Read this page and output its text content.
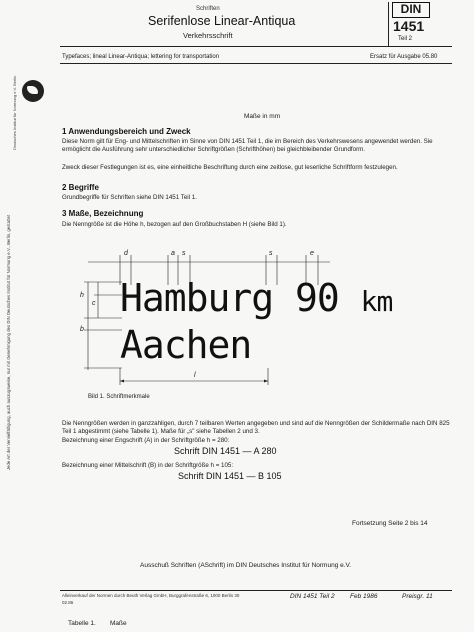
Jede Art der Vervielfältigung, auch auszugsweise, nur mit Genehmigung des DIN Deutsches Institut für Normung e.V., Berlin, gestattet
Deutsches Institut für Normung e.V. Berlin
Schriften
Serifenlose Linear-Antiqua
Verkehrsschrift
DIN
1451
Teil 2
Typefaces; lineal Linear-Antiqua; lettering for transportation	Ersatz für Ausgabe 05.80
Maße in mm
1 Anwendungsbereich und Zweck
Diese Norm gilt für Eng- und Mittelschriften im Sinne von DIN 1451 Teil 1, die im Bereich des Verkehrswesens angewendet werden. Sie ermöglicht die Ausführung sehr unterschiedlicher Schriftgrößen (Schrifthöhen) bei gleichbleibender Grundform.
Zweck dieser Festlegungen ist es, eine einheitliche Beschriftung durch eine zeitlose, gut leserliche Schriftform festzulegen.
2 Begriffe
Grundbegriffe für Schriften siehe DIN 1451 Teil 1.
3 Maße, Bezeichnung
Die Nenngröße ist die Höhe h, bezogen auf den Großbuchstaben H (siehe Bild 1).
d	a s	s	e
c
h
b
l
Hamburg 90 km
Aachen
Bild 1. Schriftmerkmale
Die Nenngrößen werden in ganzzahligen, durch 7 teilbaren Werten angegeben und sind auf die Nenngrößen der Schildermaße nach DIN 825 Teil 1 abgestimmt (siehe Tabelle 1). Maße für „s" siehe Tabellen 2 und 3.
Bezeichnung einer Engschrift (A) in der Schriftgröße h = 280:
Schrift DIN 1451 — A 280
Bezeichnung einer Mittelschrift (B) in der Schriftgröße h = 105:
Schrift DIN 1451 — B 105
Fortsetzung Seite 2 bis 14
Ausschuß Schriften (ASchrift) im DIN Deutsches Institut für Normung e.V.
Alleinverkauf der Normen durch Beuth Verlag GmbH, Burggrafenstraße 6, 1000 Berlin 30
02.86
DIN 1451 Teil 2 Feb 1986	Preisgr. 11
Tabelle 1. Maße
